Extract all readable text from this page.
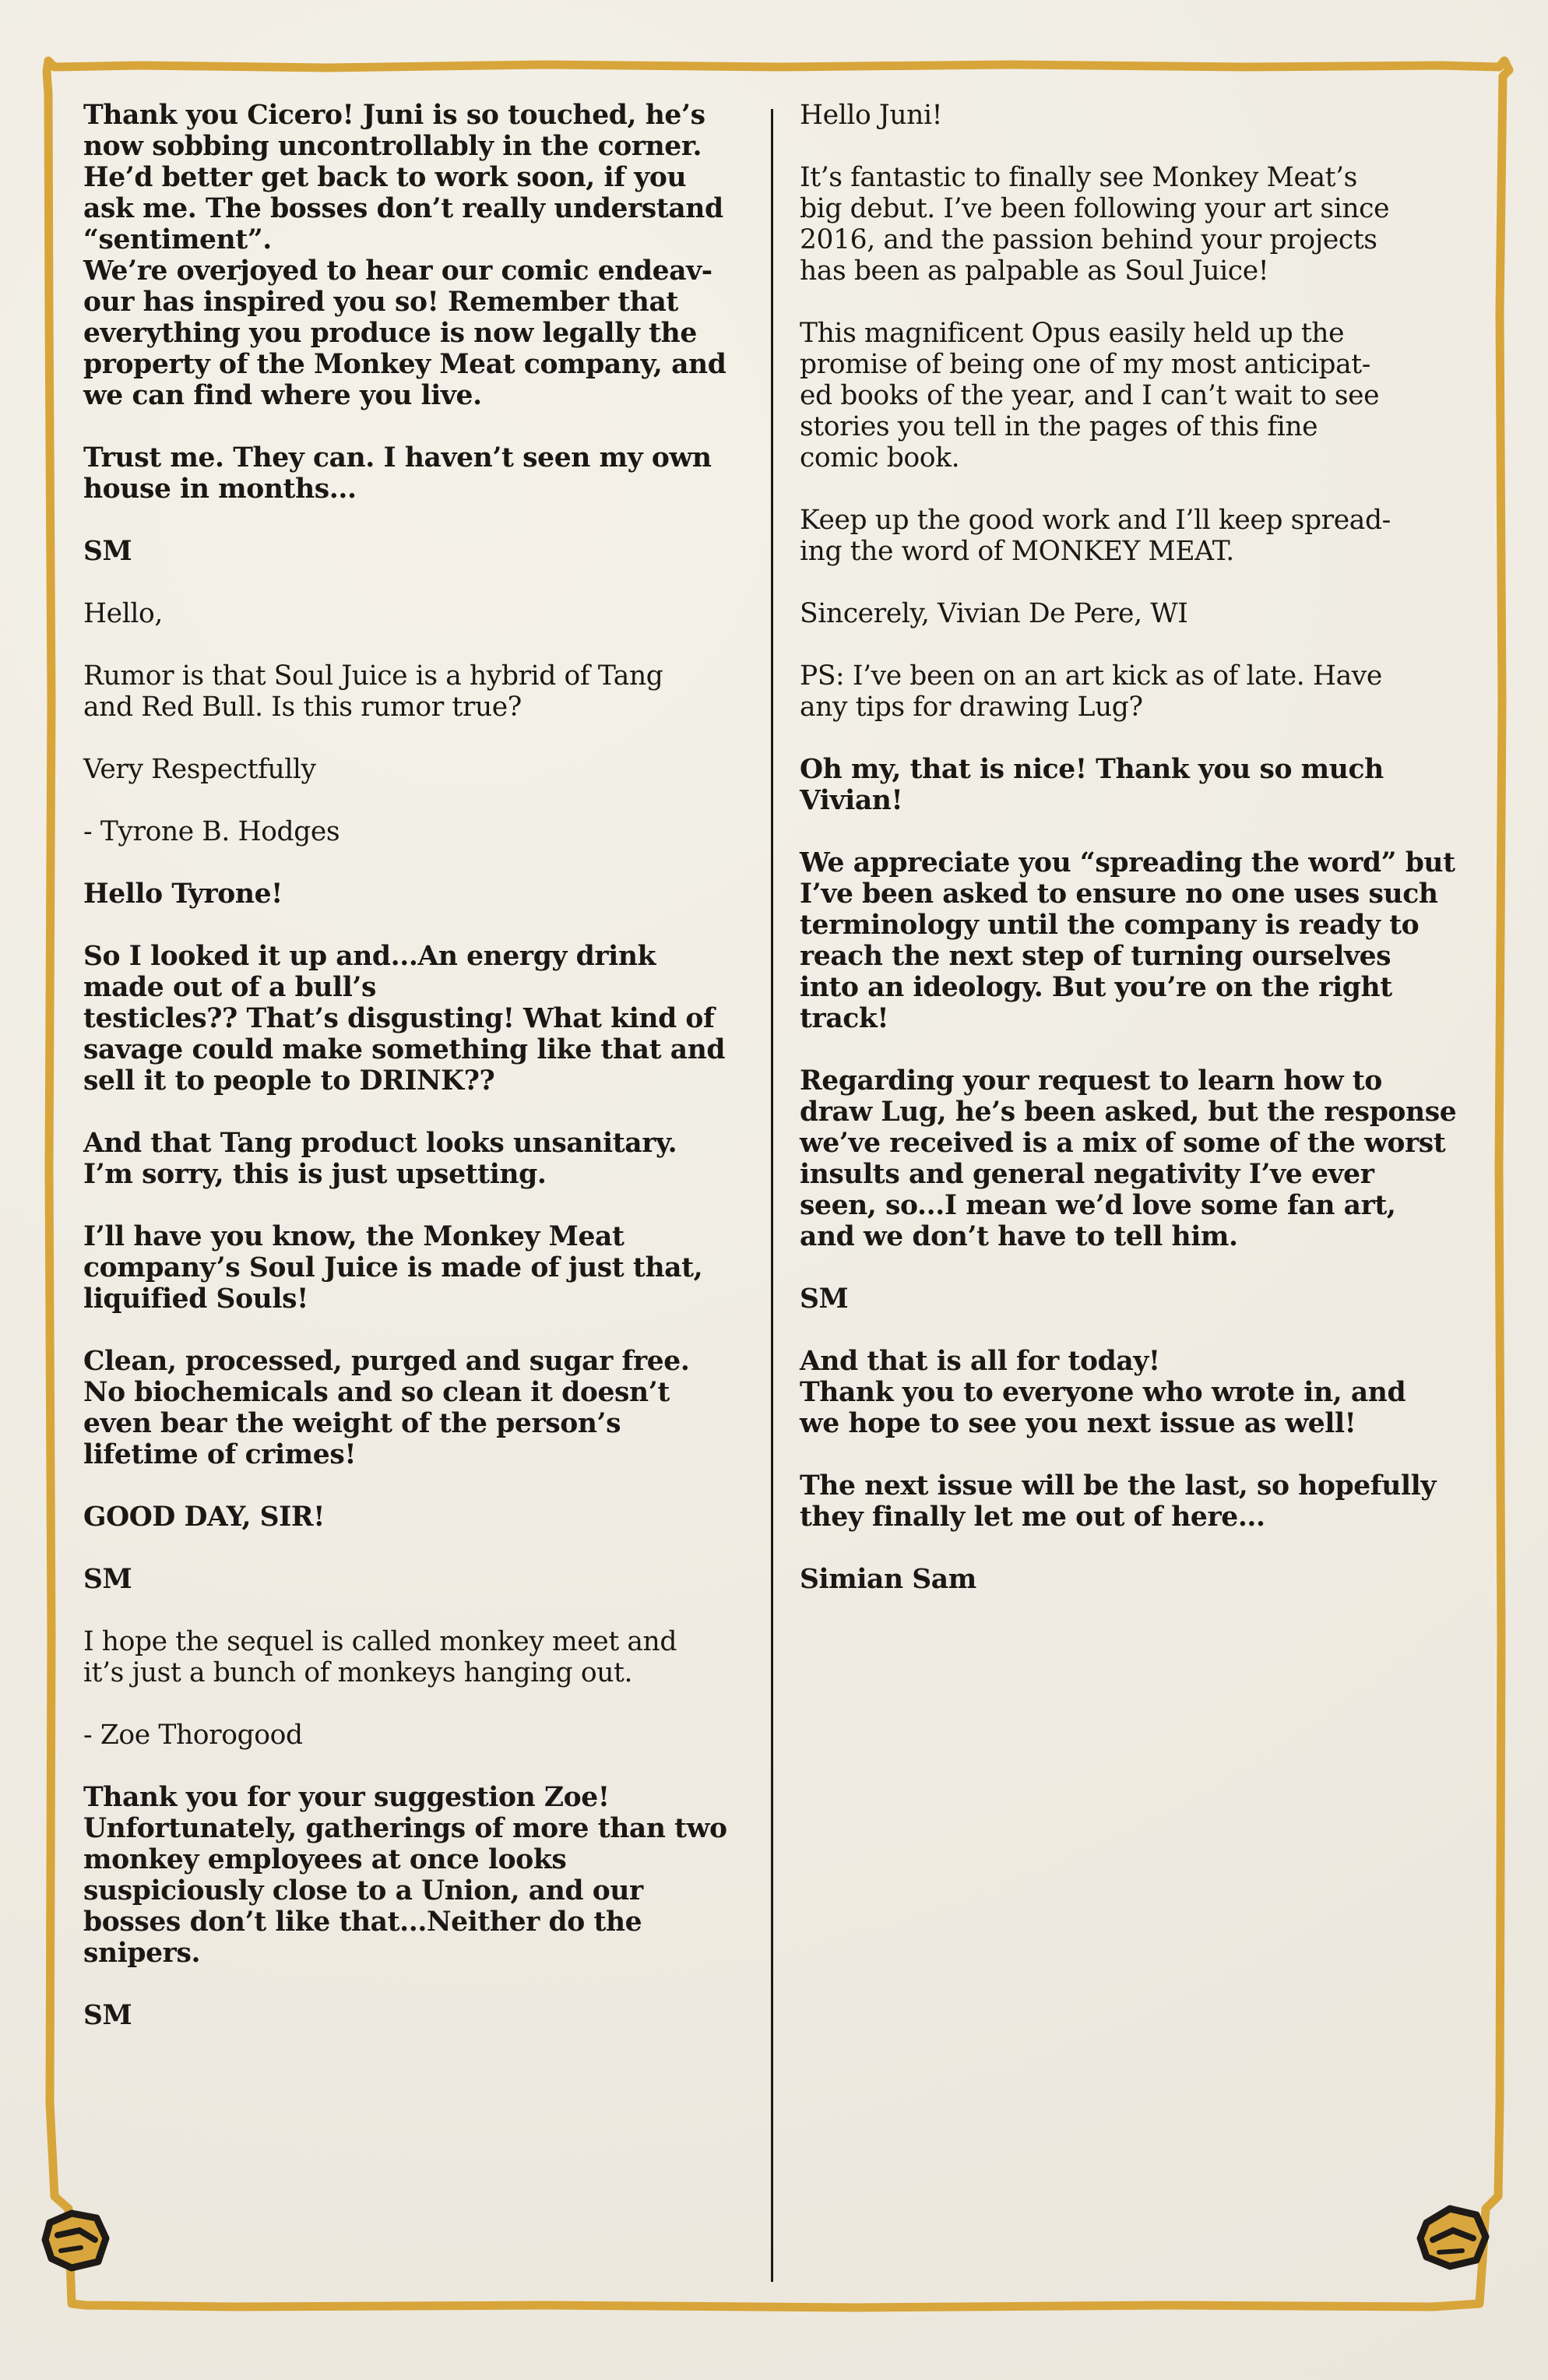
Thank you Cicero! Juni is so touched, he’s
now sobbing uncontrollably in the corner.
He’d better get back to work soon, if you
ask me. The bosses don’t really understand
“sentiment”.
We’re overjoyed to hear our comic endeav-
our has inspired you so! Remember that
everything you produce is now legally the
property of the Monkey Meat company, and
we can find where you live.

Trust me. They can. I haven’t seen my own
house in months...

SM

Hello,

Rumor is that Soul Juice is a hybrid of Tang
and Red Bull. Is this rumor true?

Very Respectfully

- Tyrone B. Hodges

Hello Tyrone!

So I looked it up and...An energy drink
made out of a bull’s
testicles?? That’s disgusting! What kind of
savage could make something like that and
sell it to people to DRINK??

And that Tang product looks unsanitary.
I’m sorry, this is just upsetting.

I’ll have you know, the Monkey Meat
company’s Soul Juice is made of just that,
liquified Souls!

Clean, processed, purged and sugar free.
No biochemicals and so clean it doesn’t
even bear the weight of the person’s
lifetime of crimes!

GOOD DAY, SIR!

SM

I hope the sequel is called monkey meet and
it’s just a bunch of monkeys hanging out.

- Zoe Thorogood

Thank you for your suggestion Zoe!
Unfortunately, gatherings of more than two
monkey employees at once looks
suspiciously close to a Union, and our
bosses don’t like that...Neither do the
snipers.

SM

Hello Juni!

It’s fantastic to finally see Monkey Meat’s
big debut. I’ve been following your art since
2016, and the passion behind your projects
has been as palpable as Soul Juice!

This magnificent Opus easily held up the
promise of being one of my most anticipat-
ed books of the year, and I can’t wait to see
stories you tell in the pages of this fine
comic book.

Keep up the good work and I’ll keep spread-
ing the word of MONKEY MEAT.

Sincerely, Vivian De Pere, WI

PS: I’ve been on an art kick as of late. Have
any tips for drawing Lug?

Oh my, that is nice! Thank you so much
Vivian!

We appreciate you “spreading the word” but
I’ve been asked to ensure no one uses such
terminology until the company is ready to
reach the next step of turning ourselves
into an ideology. But you’re on the right
track!

Regarding your request to learn how to
draw Lug, he’s been asked, but the response
we’ve received is a mix of some of the worst
insults and general negativity I’ve ever
seen, so...I mean we’d love some fan art,
and we don’t have to tell him.

SM

And that is all for today!
Thank you to everyone who wrote in, and
we hope to see you next issue as well!

The next issue will be the last, so hopefully
they finally let me out of here...

Simian Sam
